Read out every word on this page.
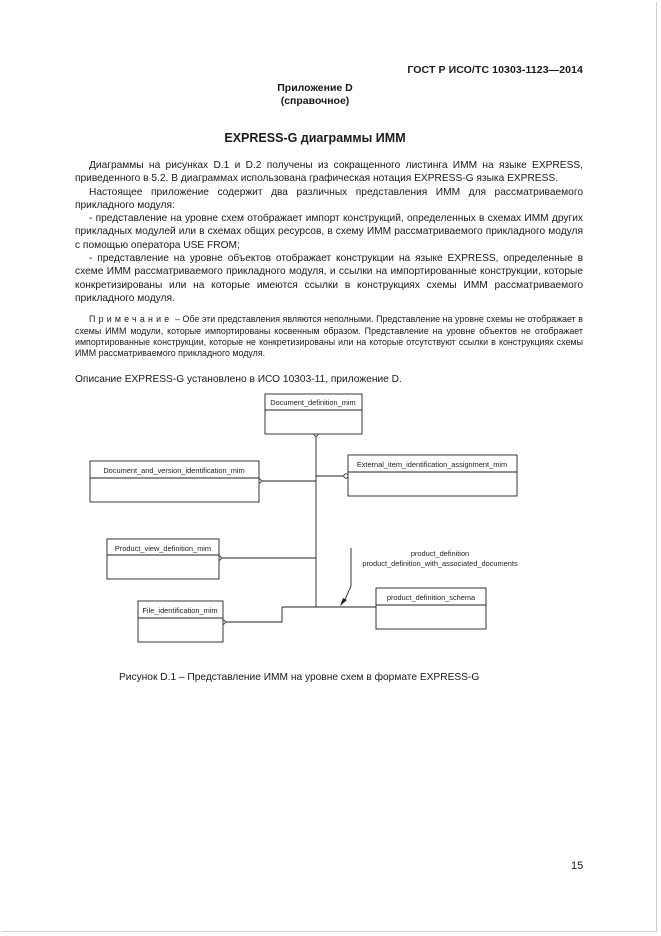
ГОСТ Р ИСО/ТС 10303-1123—2014
Приложение D
(справочное)
EXPRESS-G диаграммы ИММ

Диаграммы на рисунках D.1 и D.2 получены из сокращенного листинга ИММ на языке EXPRESS, приведенного в 5.2. В диаграммах использована графическая нотация EXPRESS-G языка EXPRESS.

Настоящее приложение содержит два различных представления ИММ для рассматриваемого прикладного модуля:

- представление на уровне схем отображает импорт конструкций, определенных в схемах ИММ других прикладных модулей или в схемах общих ресурсов, в схему ИММ рассматриваемого прикладного модуля с помощью оператора USE FROM;

- представление на уровне объектов отображает конструкции на языке EXPRESS, определенные в схеме ИММ рассматриваемого прикладного модуля, и ссылки на импортированные конструкции, которые конкретизированы или на которые имеются ссылки в конструкциях схемы ИММ рассматриваемого прикладного модуля.

Примечание – Обе эти представления являются неполными. Представление на уровне схемы не отображает в схемы ИММ модули, которые импортированы косвенным образом. Представление на уровне объектов не отображает импортированные конструкции, которые не конкретизированы или на которые отсутствуют ссылки в конструкциях схемы ИММ рассматриваемого прикладного модуля.

Описание EXPRESS-G установлено в ИСО 10303-11, приложение D.
Document_definition_mim
Document_and_version_identification_mim
External_item_identification_assignment_mim
Product_view_definition_mim
File_identification_mim
product_definition_schema
product_definition
product_definition_with_associated_documents
Рисунок D.1 – Представление ИММ на уровне схем в формате EXPRESS-G
15
